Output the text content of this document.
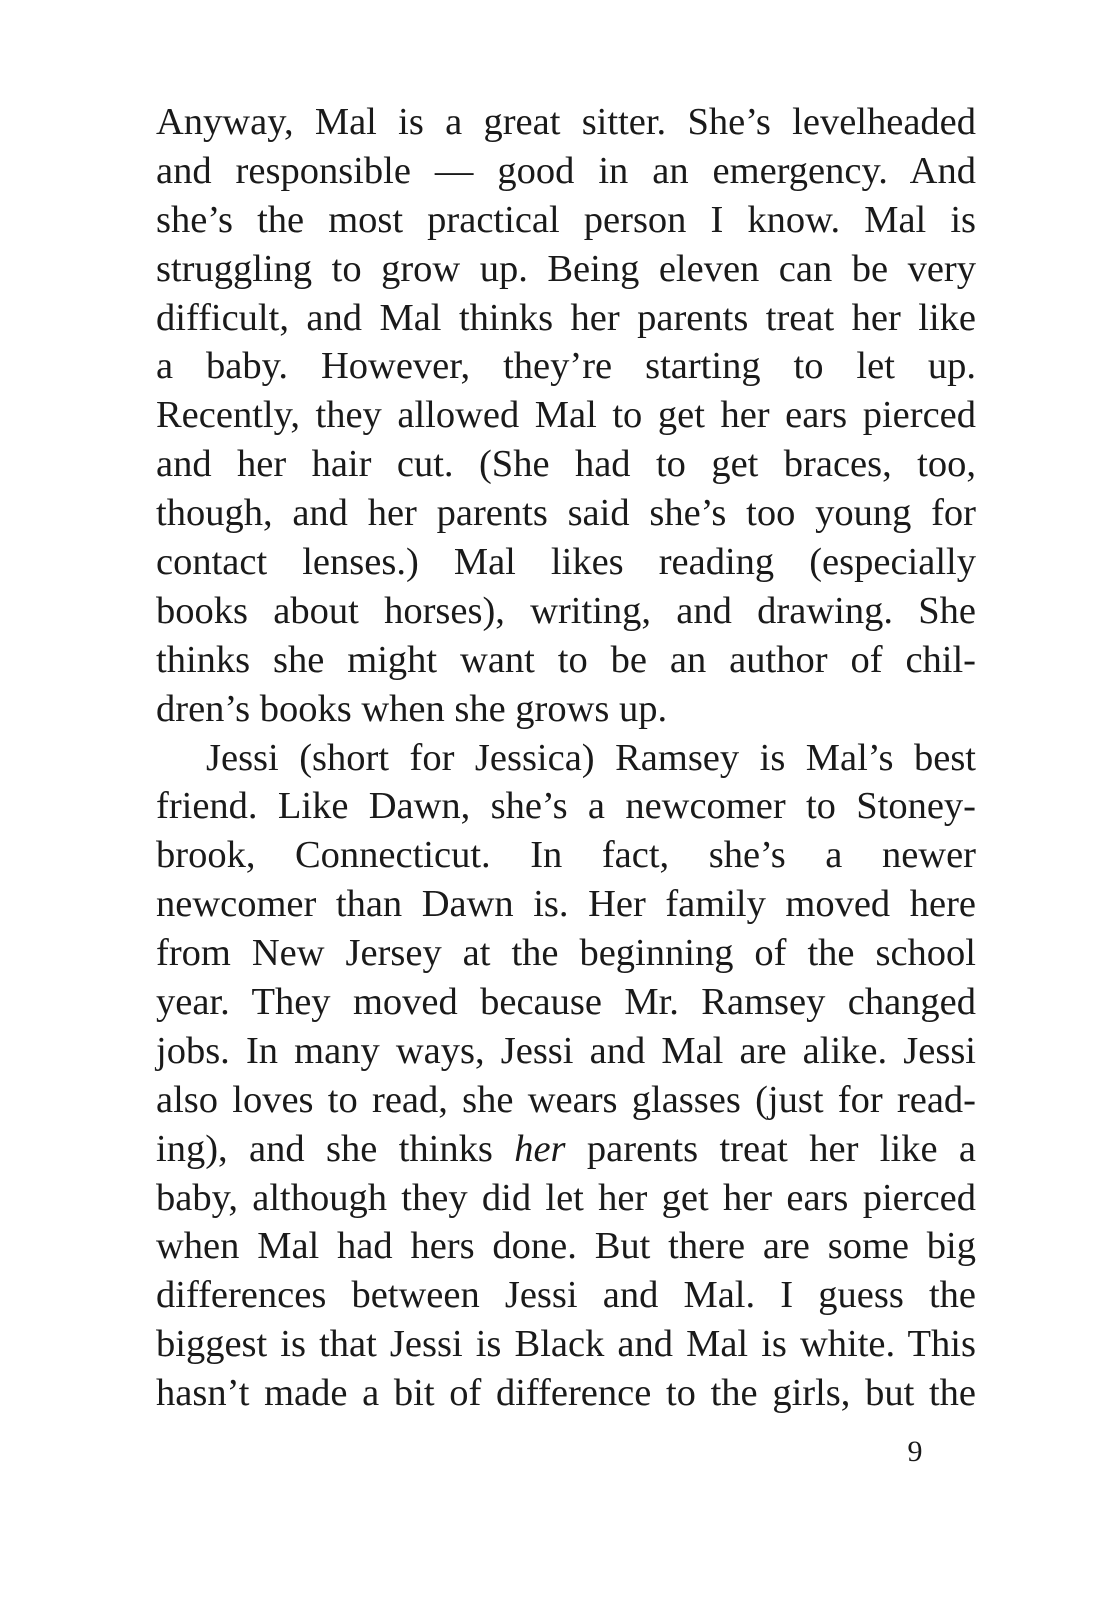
Anyway, Mal is a great sitter. She’s levelheaded
and responsible — good in an emergency. And
she’s the most practical person I know. Mal is
struggling to grow up. Being eleven can be very
difficult, and Mal thinks her parents treat her like
a baby. However, they’re starting to let up.
Recently, they allowed Mal to get her ears pierced
and her hair cut. (She had to get braces, too,
though, and her parents said she’s too young for
contact lenses.) Mal likes reading (especially
books about horses), writing, and drawing. She
thinks she might want to be an author of chil-
dren’s books when she grows up.
Jessi (short for Jessica) Ramsey is Mal’s best
friend. Like Dawn, she’s a newcomer to Stoney-
brook, Connecticut. In fact, she’s a newer
newcomer than Dawn is. Her family moved here
from New Jersey at the beginning of the school
year. They moved because Mr. Ramsey changed
jobs. In many ways, Jessi and Mal are alike. Jessi
also loves to read, she wears glasses (just for read-
ing), and she thinks her parents treat her like a
baby, although they did let her get her ears pierced
when Mal had hers done. But there are some big
differences between Jessi and Mal. I guess the
biggest is that Jessi is Black and Mal is white. This
hasn’t made a bit of difference to the girls, but the
9
